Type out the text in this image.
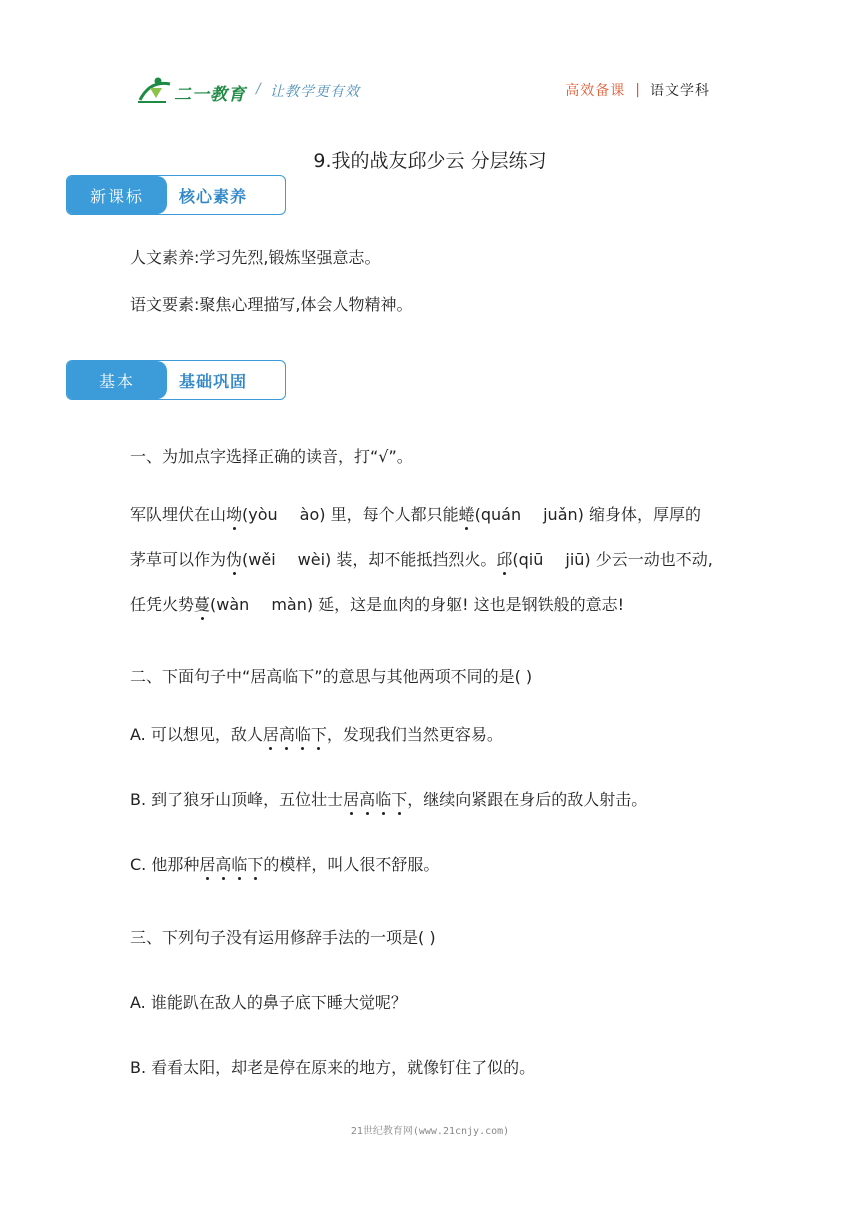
二一教育 / 让教学更有效	高效备课 | 语文学科
9.我的战友邱少云 分层练习
新课标	核心素养
人文素养:学习先烈,锻炼坚强意志。
语文要素:聚焦心理描写,体会人物精神。
基本	基础巩固
一、为加点字选择正确的读音，打“√”。
军队埋伏在山坳(yòu ào) 里，每个人都只能蜷(quán juǎn) 缩身体，厚厚的
茅草可以作为伪(wěi wèi) 装，却不能抵挡烈火。邱(qiū jiū) 少云一动也不动,
任凭火势蔓(wàn màn) 延，这是血肉的身躯! 这也是钢铁般的意志!
二、下面句子中“居高临下”的意思与其他两项不同的是( )
A. 可以想见，敌人居高临下，发现我们当然更容易。
B. 到了狼牙山顶峰，五位壮士居高临下，继续向紧跟在身后的敌人射击。
C. 他那种居高临下的模样，叫人很不舒服。
三、下列句子没有运用修辞手法的一项是( )
A. 谁能趴在敌人的鼻子底下睡大觉呢？
B. 看看太阳，却老是停在原来的地方，就像钉住了似的。
21世纪教育网(www.21cnjy.com)
